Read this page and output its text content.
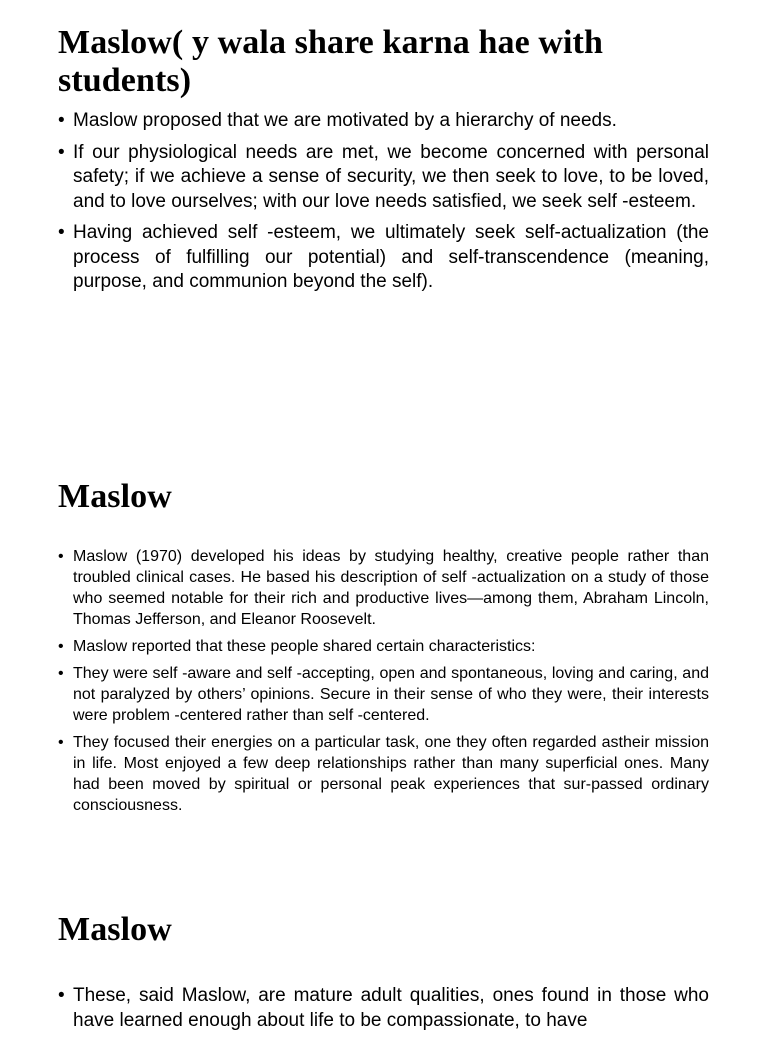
Maslow( y wala share karna hae with students)
• Maslow proposed that we are motivated by a hierarchy of needs.
• If our physiological needs are met, we become concerned with personal safety; if we achieve a sense of security, we then seek to love, to be loved, and to love ourselves; with our love needs satisfied, we seek self -esteem.
• Having achieved self -esteem, we ultimately seek self-actualization (the process of fulfilling our potential) and self-transcendence (meaning, purpose, and communion beyond the self).
Maslow
• Maslow (1970) developed his ideas by studying healthy, creative people rather than troubled clinical cases. He based his description of self -actualization on a study of those who seemed notable for their rich and productive lives—among them, Abraham Lincoln, Thomas Jefferson, and Eleanor Roosevelt.
• Maslow reported that these people shared certain characteristics:
• They were self -aware and self -accepting, open and spontaneous, loving and caring, and not paralyzed by others’ opinions. Secure in their sense of who they were, their interests were problem -centered rather than self -centered.
• They focused their energies on a particular task, one they often regarded astheir mission in life. Most enjoyed a few deep relationships rather than many superficial ones. Many had been moved by spiritual or personal peak experiences that sur-passed ordinary consciousness.
Maslow
• These, said Maslow, are mature adult qualities, ones found in those who have learned enough about life to be compassionate, to have
